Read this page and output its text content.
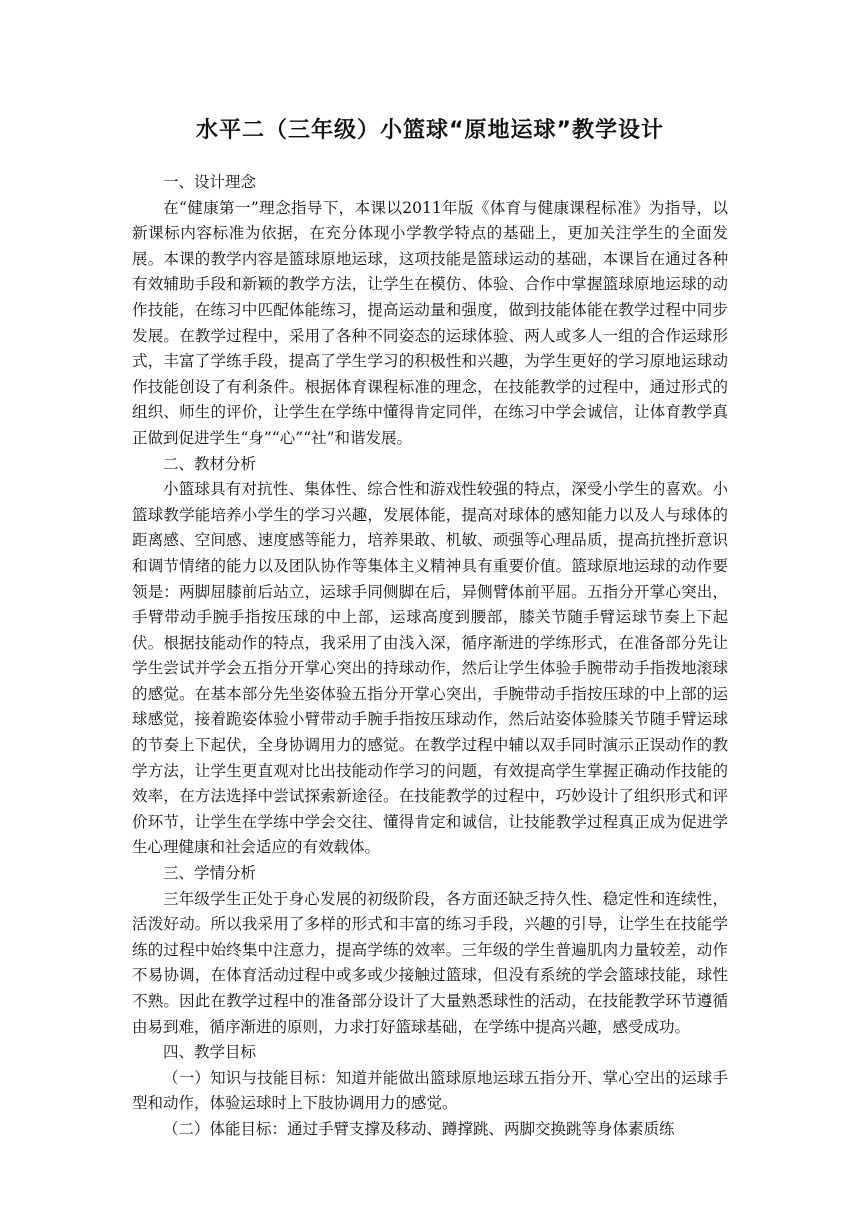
水平二（三年级）小篮球“原地运球”教学设计

一、设计理念

在“健康第一”理念指导下，本课以2011年版《体育与健康课程标准》为指导，以新课标内容标准为依据，在充分体现小学教学特点的基础上，更加关注学生的全面发展。本课的教学内容是篮球原地运球，这项技能是篮球运动的基础，本课旨在通过各种有效辅助手段和新颖的教学方法，让学生在模仿、体验、合作中掌握篮球原地运球的动作技能，在练习中匹配体能练习，提高运动量和强度，做到技能体能在教学过程中同步发展。在教学过程中，采用了各种不同姿态的运球体验、两人或多人一组的合作运球形式，丰富了学练手段，提高了学生学习的积极性和兴趣，为学生更好的学习原地运球动作技能创设了有利条件。根据体育课程标准的理念，在技能教学的过程中，通过形式的组织、师生的评价，让学生在学练中懂得肯定同伴，在练习中学会诚信，让体育教学真正做到促进学生“身”“心”“社”和谐发展。

二、教材分析

小篮球具有对抗性、集体性、综合性和游戏性较强的特点，深受小学生的喜欢。小篮球教学能培养小学生的学习兴趣，发展体能，提高对球体的感知能力以及人与球体的距离感、空间感、速度感等能力，培养果敢、机敏、顽强等心理品质，提高抗挫折意识和调节情绪的能力以及团队协作等集体主义精神具有重要价值。篮球原地运球的动作要领是：两脚屈膝前后站立，运球手同侧脚在后，异侧臂体前平屈。五指分开掌心突出，手臂带动手腕手指按压球的中上部，运球高度到腰部，膝关节随手臂运球节奏上下起伏。根据技能动作的特点，我采用了由浅入深，循序渐进的学练形式，在准备部分先让学生尝试并学会五指分开掌心突出的持球动作，然后让学生体验手腕带动手指拨地滚球的感觉。在基本部分先坐姿体验五指分开掌心突出，手腕带动手指按压球的中上部的运球感觉，接着跪姿体验小臂带动手腕手指按压球动作，然后站姿体验膝关节随手臂运球的节奏上下起伏，全身协调用力的感觉。在教学过程中辅以双手同时演示正误动作的教学方法，让学生更直观对比出技能动作学习的问题，有效提高学生掌握正确动作技能的效率，在方法选择中尝试探索新途径。在技能教学的过程中，巧妙设计了组织形式和评价环节，让学生在学练中学会交往、懂得肯定和诚信，让技能教学过程真正成为促进学生心理健康和社会适应的有效载体。

三、学情分析

三年级学生正处于身心发展的初级阶段，各方面还缺乏持久性、稳定性和连续性，活泼好动。所以我采用了多样的形式和丰富的练习手段，兴趣的引导，让学生在技能学练的过程中始终集中注意力，提高学练的效率。三年级的学生普遍肌肉力量较差，动作不易协调，在体育活动过程中或多或少接触过篮球，但没有系统的学会篮球技能，球性不熟。因此在教学过程中的准备部分设计了大量熟悉球性的活动，在技能教学环节遵循由易到难，循序渐进的原则，力求打好篮球基础，在学练中提高兴趣，感受成功。

四、教学目标

（一）知识与技能目标：知道并能做出篮球原地运球五指分开、掌心空出的运球手型和动作，体验运球时上下肢协调用力的感觉。

（二）体能目标：通过手臂支撑及移动、蹲撑跳、两脚交换跳等身体素质练
